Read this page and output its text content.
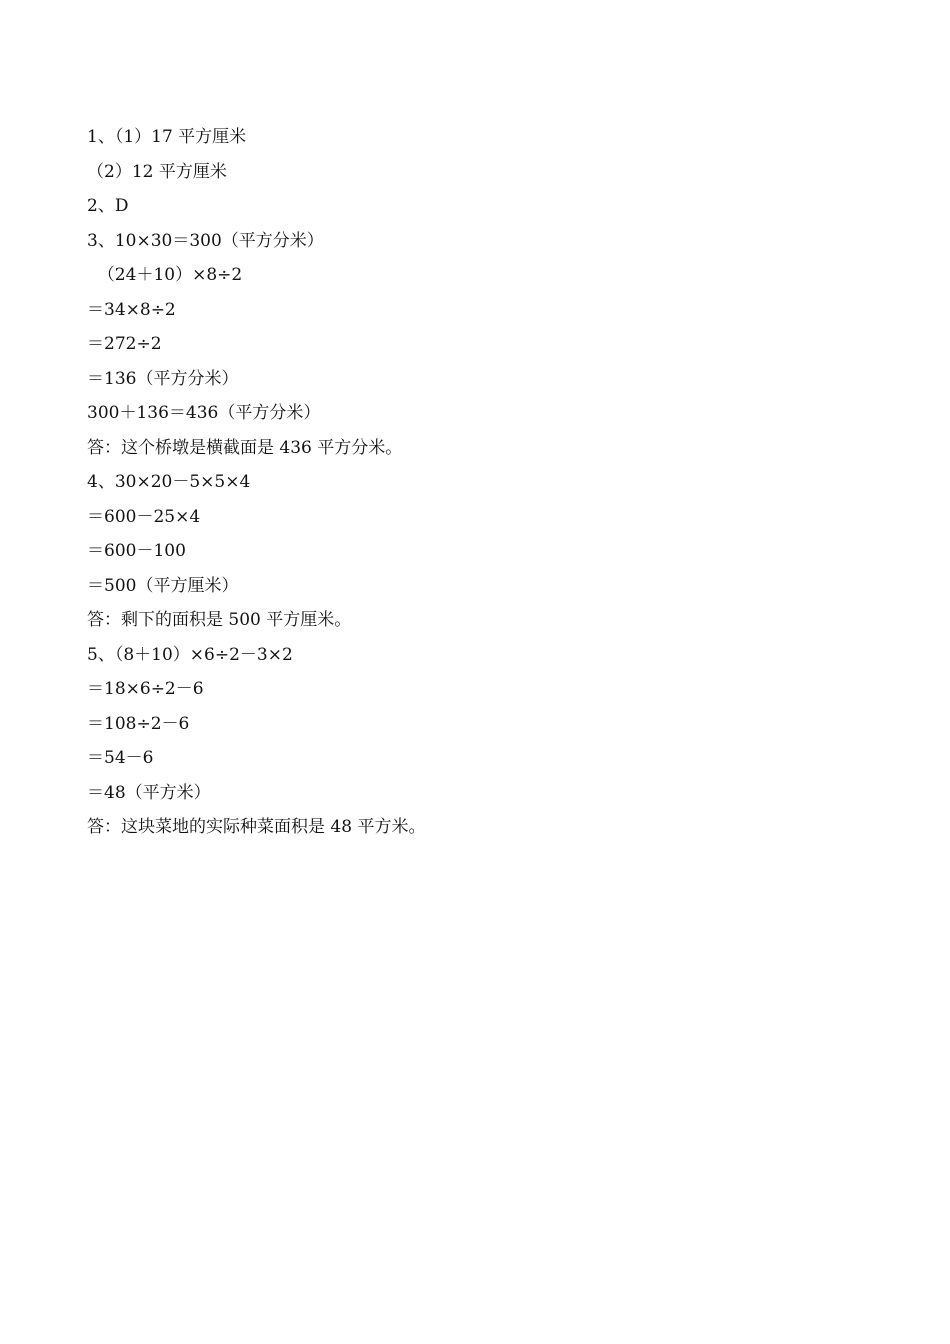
1、（1）17 平方厘米
（2）12 平方厘米
2、D
3、10×30＝300（平方分米）
（24＋10）×8÷2
＝34×8÷2
＝272÷2
＝136（平方分米）
300＋136＝436（平方分米）
答：这个桥墩是横截面是 436 平方分米。
4、30×20－5×5×4
＝600－25×4
＝600－100
＝500（平方厘米）
答：剩下的面积是 500 平方厘米。
5、（8＋10）×6÷2－3×2
＝18×6÷2－6
＝108÷2－6
＝54－6
＝48（平方米）
答：这块菜地的实际种菜面积是 48 平方米。
